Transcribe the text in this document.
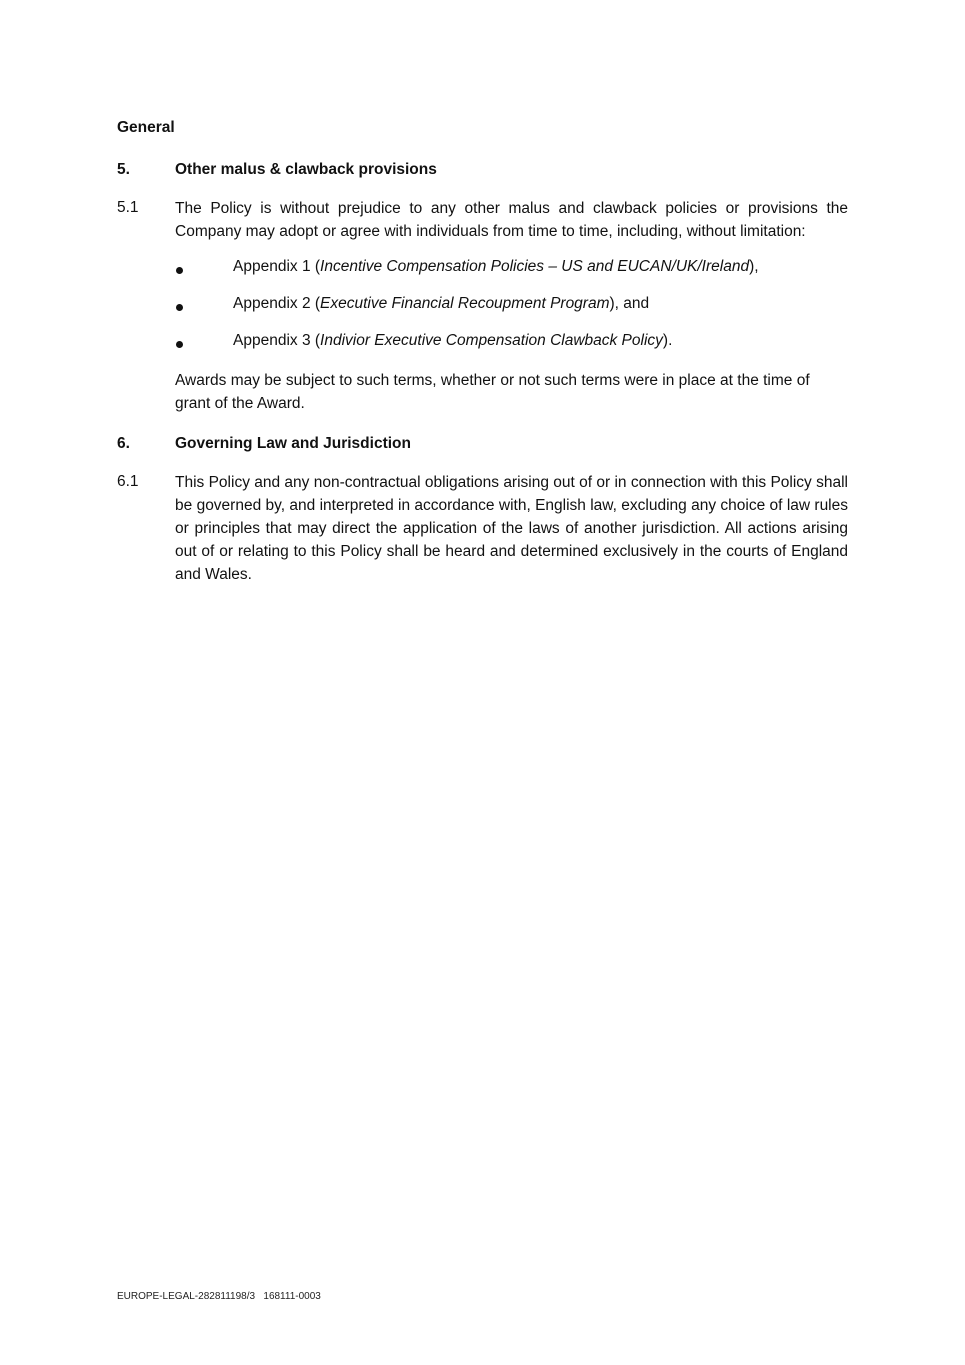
General
5.	Other malus & clawback provisions
5.1 The Policy is without prejudice to any other malus and clawback policies or provisions the Company may adopt or agree with individuals from time to time, including, without limitation:
Appendix 1 (Incentive Compensation Policies – US and EUCAN/UK/Ireland),
Appendix 2 (Executive Financial Recoupment Program), and
Appendix 3 (Indivior Executive Compensation Clawback Policy).
Awards may be subject to such terms, whether or not such terms were in place at the time of grant of the Award.
6.	Governing Law and Jurisdiction
6.1 This Policy and any non-contractual obligations arising out of or in connection with this Policy shall be governed by, and interpreted in accordance with, English law, excluding any choice of law rules or principles that may direct the application of the laws of another jurisdiction. All actions arising out of or relating to this Policy shall be heard and determined exclusively in the courts of England and Wales.
EUROPE-LEGAL-282811198/3   168111-0003
